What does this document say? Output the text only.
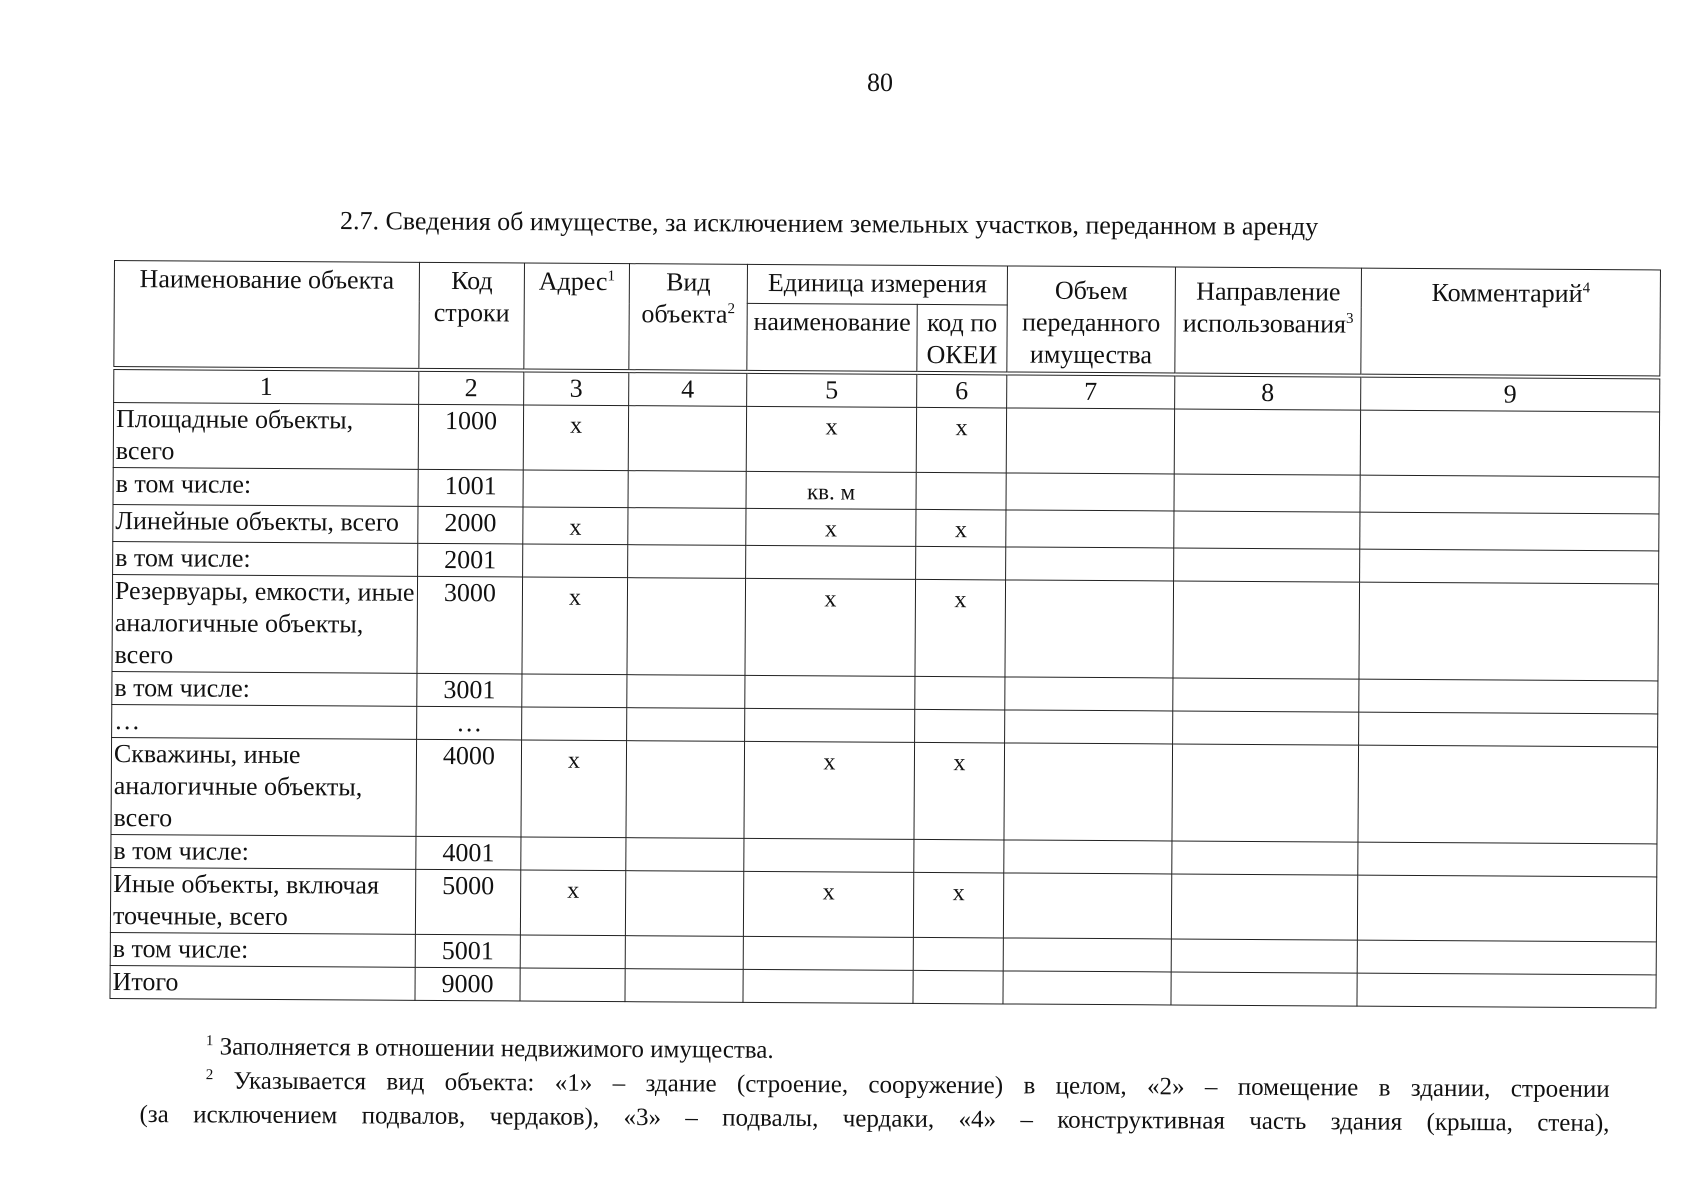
80
2.7. Сведения об имуществе, за исключением земельных участков, переданном в аренду
Наименование объекта	Код строки	Адрес$^1$	Вид объекта$^2$	Единица измерения		Объем переданного имущества	Направление использования$^3$	Комментарий$^4$
				наименование	код по ОКЕИ			
1	2	3	4	5	6	7	8	9
Площадные объекты, всего	1000	x		x	x			
в том числе:	1001			кв. м				
Линейные объекты, всего	2000	x		x	x			
в том числе:	2001							
Резервуары, емкости, иные аналогичные объекты, всего	3000	x		x	x			
в том числе:	3001							
…	…							
Скважины, иные аналогичные объекты, всего	4000	x		x	x			
в том числе:	4001							
Иные объекты, включая точечные, всего	5000	x		x	x			
в том числе:	5001							
Итого	9000							
$^1$ Заполняется в отношении недвижимого имущества.
$^2$ Указывается вид объекта: «1» – здание (строение, сооружение) в целом, «2» – помещение в здании, строении
(за исключением подвалов, чердаков), «3» – подвалы, чердаки, «4» – конструктивная часть здания (крыша, стена),
